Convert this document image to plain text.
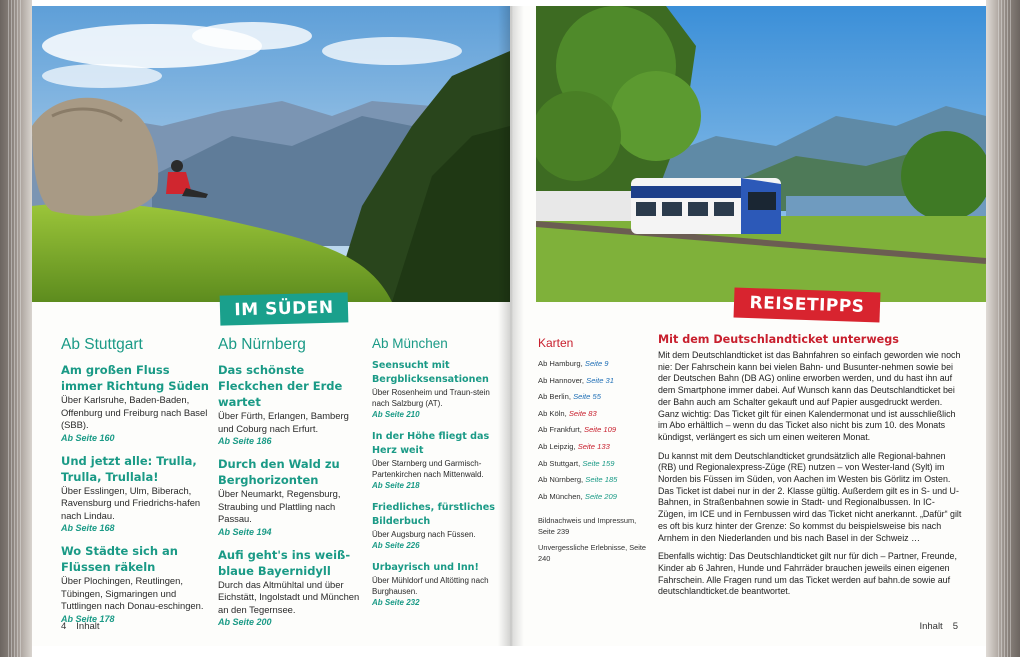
IM SÜDEN
Ab Stuttgart
Am großen Fluss immer Richtung Süden
Über Karlsruhe, Baden-Baden, Offenburg und Freiburg nach Basel (SBB).
Ab Seite 160
Und jetzt alle: Trulla, Trulla, Trullala!
Über Esslingen, Ulm, Biberach, Ravensburg und Friedrichs-hafen nach Lindau.
Ab Seite 168
Wo Städte sich an Flüssen räkeln
Über Plochingen, Reutlingen, Tübingen, Sigmaringen und Tuttlingen nach Donau-eschingen.
Ab Seite 178
Ab Nürnberg
Das schönste Fleckchen der Erde wartet
Über Fürth, Erlangen, Bamberg und Coburg nach Erfurt.
Ab Seite 186
Durch den Wald zu Berghorizonten
Über Neumarkt, Regensburg, Straubing und Plattling nach Passau.
Ab Seite 194
Aufi geht's ins weiß-blaue Bayernidyll
Durch das Altmühltal und über Eichstätt, Ingolstadt und München an den Tegernsee.
Ab Seite 200
Ab München
Seensucht mit Bergblicksensationen
Über Rosenheim und Traun-stein nach Salzburg (AT).
Ab Seite 210
In der Höhe fliegt das Herz weit
Über Starnberg und Garmisch-Partenkirchen nach Mittenwald.
Ab Seite 218
Friedliches, fürstliches Bilderbuch
Über Augsburg nach Füssen.
Ab Seite 226
Urbayrisch und Inn!
Über Mühldorf und Altötting nach Burghausen.
Ab Seite 232
4 Inhalt
REISETIPPS
Karten
Ab Hamburg, Seite 9
Ab Hannover, Seite 31
Ab Berlin, Seite 55
Ab Köln, Seite 83
Ab Frankfurt, Seite 109
Ab Leipzig, Seite 133
Ab Stuttgart, Seite 159
Ab Nürnberg, Seite 185
Ab München, Seite 209
Bildnachweis und Impressum, Seite 239
Unvergessliche Erlebnisse, Seite 240
Mit dem Deutschlandticket unterwegs

Mit dem Deutschlandticket ist das Bahnfahren so einfach geworden wie noch nie: Der Fahrschein kann bei vielen Bahn- und Busunter-nehmen sowie bei der Deutschen Bahn (DB AG) online erworben werden, und du hast ihn auf dem Smartphone immer dabei. Auf Wunsch kann das Deutschlandticket bei der Bahn auch am Schalter gekauft und auf Papier ausgedruckt werden. Ganz wichtig: Das Ticket gilt für einen Kalendermonat und ist ausschließlich im Abo erhältlich – wenn du das Ticket also nicht bis zum 10. des Monats kündigst, verlängert es sich um einen weiteren Monat.

Du kannst mit dem Deutschlandticket grundsätzlich alle Regional-bahnen (RB) und Regionalexpress-Züge (RE) nutzen – von Wester-land (Sylt) im Norden bis Füssen im Süden, von Aachen im Westen bis Görlitz im Osten. Das Ticket ist dabei nur in der 2. Klasse gültig. Außerdem gilt es in S- und U-Bahnen, in Straßenbahnen sowie in Stadt- und Regionalbussen. In IC-Zügen, im ICE und in Fernbussen wird das Ticket nicht anerkannt. „Dafür“ gilt es oft bis kurz hinter der Grenze: So kommst du beispielsweise bis nach Arnhem in den Niederlanden und bis nach Basel in der Schweiz …

Ebenfalls wichtig: Das Deutschlandticket gilt nur für dich – Partner, Freunde, Kinder ab 6 Jahren, Hunde und Fahrräder brauchen jeweils einen eigenen Fahrschein. Alle Fragen rund um das Ticket werden auf bahn.de sowie auf deutschlandticket.de beantwortet.

Inhalt 5
